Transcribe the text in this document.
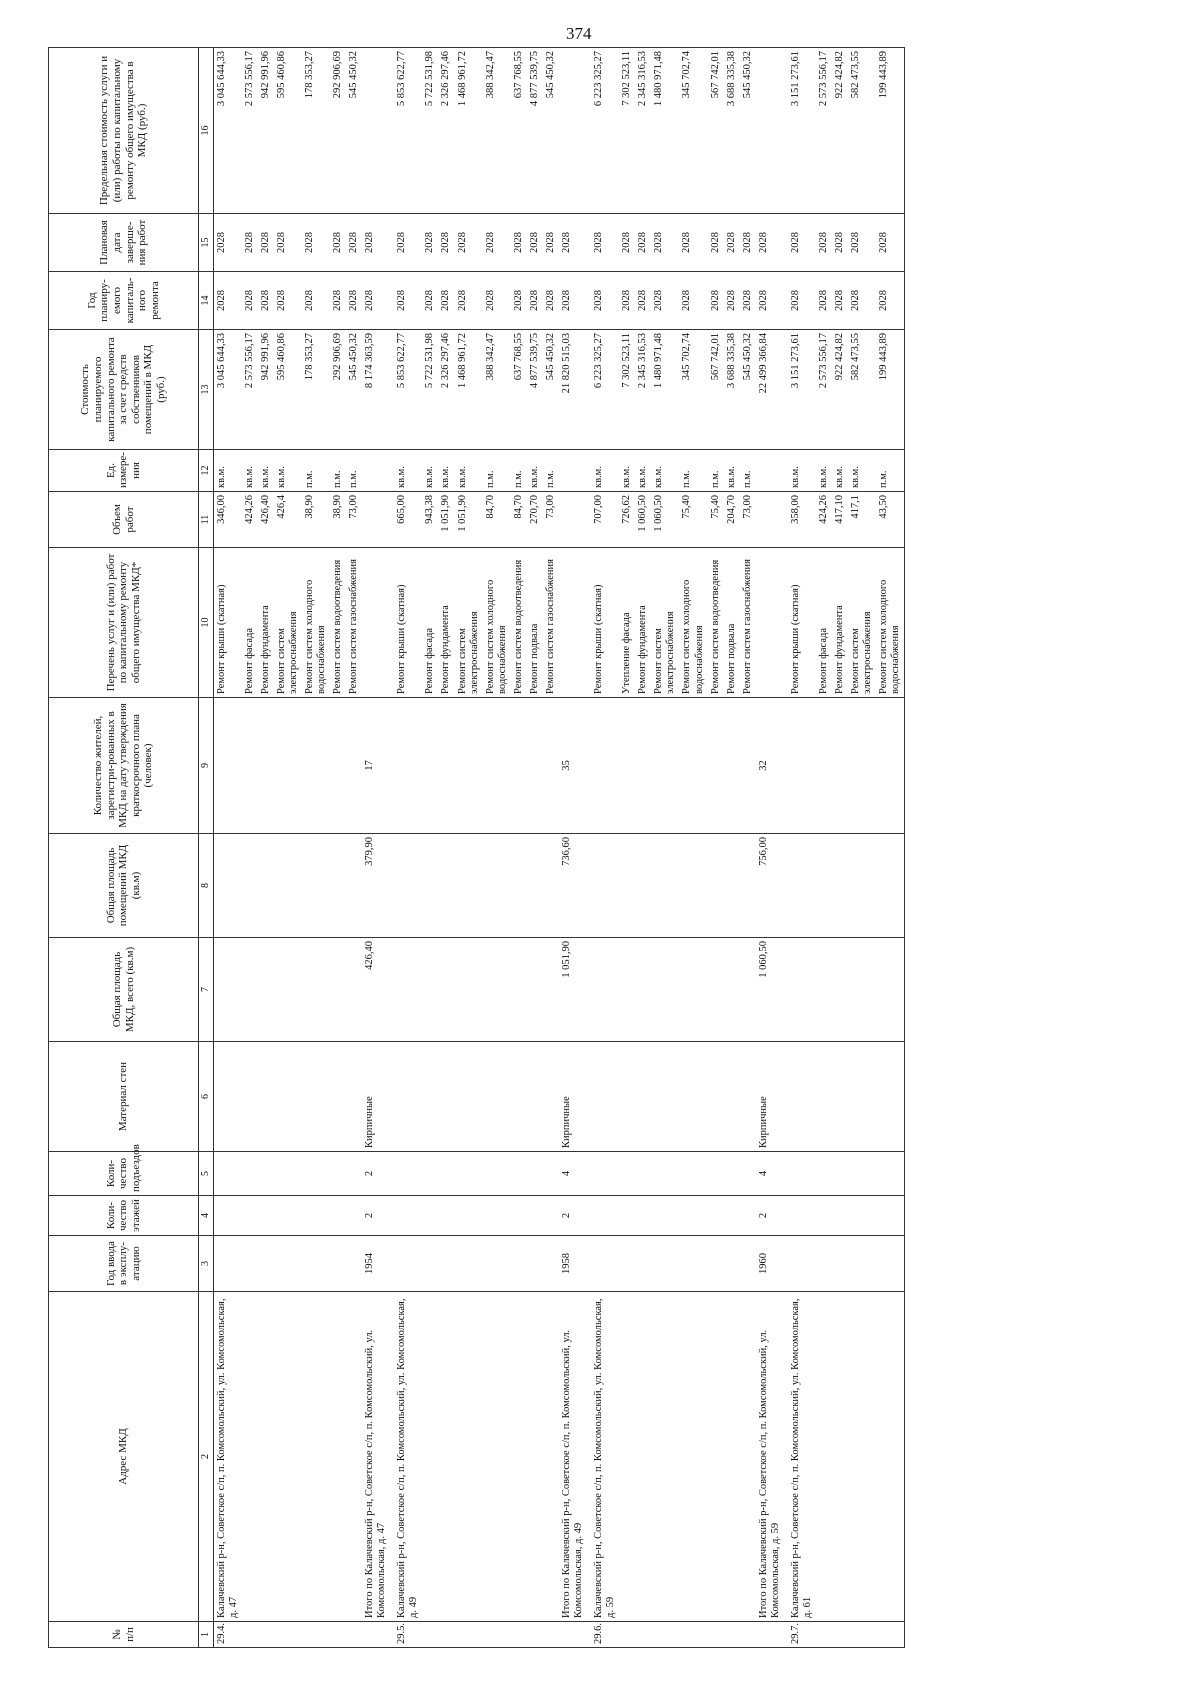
374
№ п/п	Адрес МКД	Год ввода в эксплу-атацию	Коли-чество этажей	Коли-чество подъездов	Материал стен	Общая площадь МКД, всего (кв.м)	Общая площадь помещений МКД (кв.м)	Количество жителей, зарегистри-рованных в МКД на дату утверждения краткосрочного плана (человек)	Перечень услуг и (или) работ по капитальному ремонту общего имущества МКД*	Объем работ	Ед. измере-ния	Стоимость планируемого капитального ремонта за счет средств собственников помещений в МКД (руб.)	Год планиру-емого капиталь-ного ремонта	Плановая дата заверше-ния работ	Предельная стоимость услуги и (или) работы по капитальному ремонту общего имущества в МКД (руб.)
1	2	3	4	5	6	7	8	9	10	11	12	13	14	15	16
29.4.	Калачевский р-н, Советское с/п, п. Комсомольский, ул. Комсомольская, д. 47								Ремонт крыши (скатная)	346,00	кв.м.	3 045 644,33	2028	2028	3 045 644,33
									Ремонт фасада	424,26	кв.м.	2 573 556,17	2028	2028	2 573 556,17
									Ремонт фундамента	426,40	кв.м.	942 991,96	2028	2028	942 991,96
									Ремонт систем электроснабжения	426,4	кв.м.	595 460,86	2028	2028	595 460,86
									Ремонт систем холодного водоснабжения	38,90	п.м.	178 353,27	2028	2028	178 353,27
									Ремонт систем водоотведения	38,90	п.м.	292 906,69	2028	2028	292 906,69
									Ремонт систем газоснабжения	73,00	п.м.	545 450,32	2028	2028	545 450,32
	Итого по Калачевский р-н, Советское с/п, п. Комсомольский, ул. Комсомольская, д. 47	1954	2	2	Кирпичные	426,40	379,90	17				8 174 363,59	2028	2028	
29.5.	Калачевский р-н, Советское с/п, п. Комсомольский, ул. Комсомольская, д. 49								Ремонт крыши (скатная)	665,00	кв.м.	5 853 622,77	2028	2028	5 853 622,77
									Ремонт фасада	943,38	кв.м.	5 722 531,98	2028	2028	5 722 531,98
									Ремонт фундамента	1 051,90	кв.м.	2 326 297,46	2028	2028	2 326 297,46
									Ремонт систем электроснабжения	1 051,90	кв.м.	1 468 961,72	2028	2028	1 468 961,72
									Ремонт систем холодного водоснабжения	84,70	п.м.	388 342,47	2028	2028	388 342,47
									Ремонт систем водоотведения	84,70	п.м.	637 768,55	2028	2028	637 768,55
									Ремонт подвала	270,70	кв.м.	4 877 539,75	2028	2028	4 877 539,75
									Ремонт систем газоснабжения	73,00	п.м.	545 450,32	2028	2028	545 450,32
	Итого по Калачевский р-н, Советское с/п, п. Комсомольский, ул. Комсомольская, д. 49	1958	2	4	Кирпичные	1 051,90	736,60	35				21 820 515,03	2028	2028	
29.6.	Калачевский р-н, Советское с/п, п. Комсомольский, ул. Комсомольская, д. 59								Ремонт крыши (скатная)	707,00	кв.м.	6 223 325,27	2028	2028	6 223 325,27
									Утепление фасада	726,62	кв.м.	7 302 523,11	2028	2028	7 302 523,11
									Ремонт фундамента	1 060,50	кв.м.	2 345 316,53	2028	2028	2 345 316,53
									Ремонт систем электроснабжения	1 060,50	кв.м.	1 480 971,48	2028	2028	1 480 971,48
									Ремонт систем холодного водоснабжения	75,40	п.м.	345 702,74	2028	2028	345 702,74
									Ремонт систем водоотведения	75,40	п.м.	567 742,01	2028	2028	567 742,01
									Ремонт подвала	204,70	кв.м.	3 688 335,38	2028	2028	3 688 335,38
									Ремонт систем газоснабжения	73,00	п.м.	545 450,32	2028	2028	545 450,32
	Итого по Калачевский р-н, Советское с/п, п. Комсомольский, ул. Комсомольская, д. 59	1960	2	4	Кирпичные	1 060,50	756,00	32				22 499 366,84	2028	2028	
29.7.	Калачевский р-н, Советское с/п, п. Комсомольский, ул. Комсомольская, д. 61								Ремонт крыши (скатная)	358,00	кв.м.	3 151 273,61	2028	2028	3 151 273,61
									Ремонт фасада	424,26	кв.м.	2 573 556,17	2028	2028	2 573 556,17
									Ремонт фундамента	417,10	кв.м.	922 424,82	2028	2028	922 424,82
									Ремонт систем электроснабжения	417,1	кв.м.	582 473,55	2028	2028	582 473,55
									Ремонт систем холодного водоснабжения	43,50	п.м.	199 443,89	2028	2028	199 443,89
